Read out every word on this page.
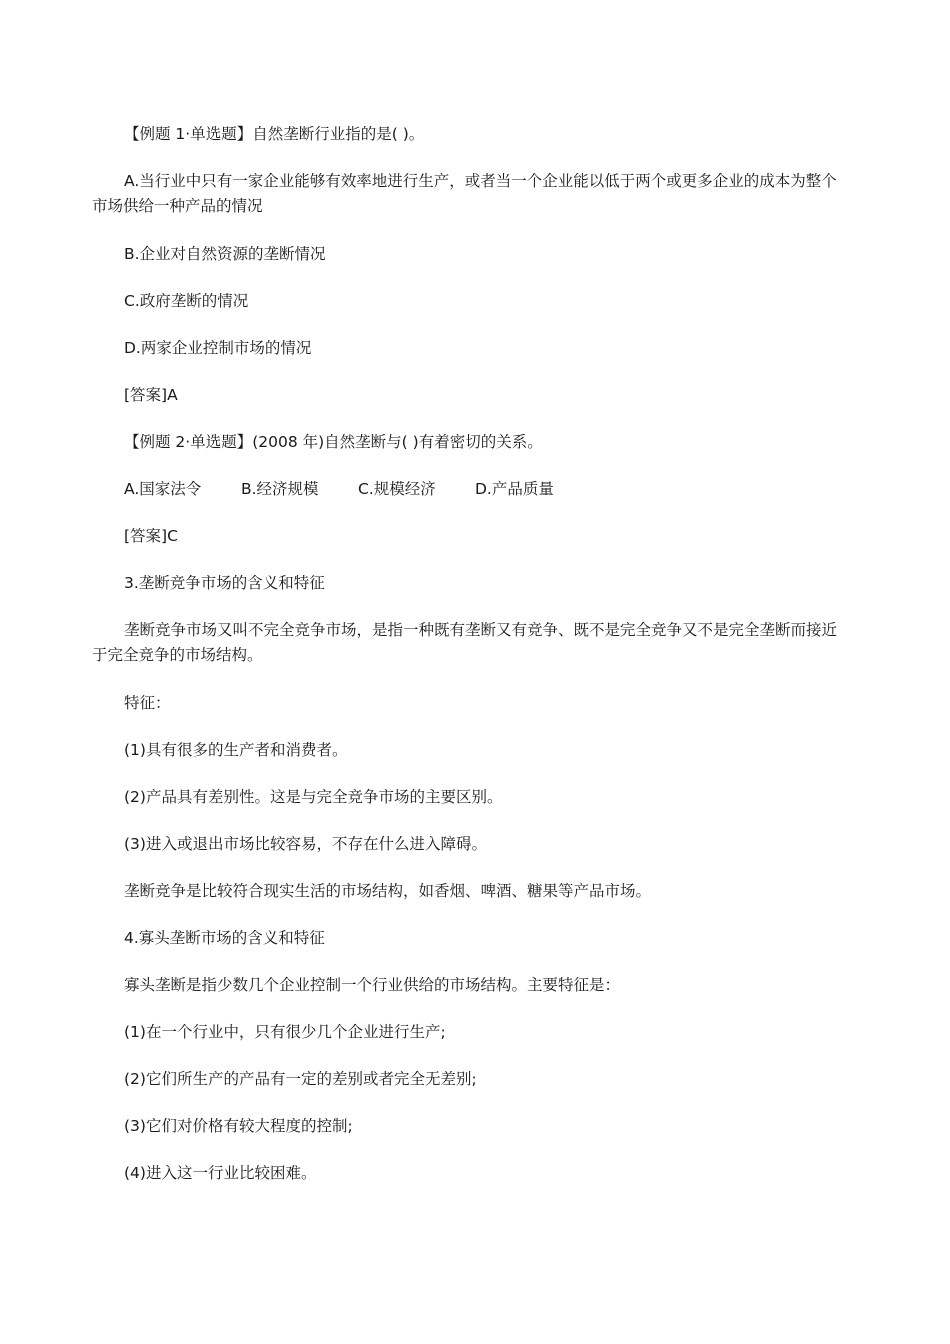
【例题 1·单选题】自然垄断行业指的是( )。

A.当行业中只有一家企业能够有效率地进行生产，或者当一个企业能以低于两个或更多企业的成本为整个市场供给一种产品的情况

B.企业对自然资源的垄断情况

C.政府垄断的情况

D.两家企业控制市场的情况

[答案]A

【例题 2·单选题】(2008 年)自然垄断与( )有着密切的关系。

A.国家法令	B.经济规模	C.规模经济	D.产品质量

[答案]C

3.垄断竞争市场的含义和特征

垄断竞争市场又叫不完全竞争市场，是指一种既有垄断又有竞争、既不是完全竞争又不是完全垄断而接近于完全竞争的市场结构。

特征：

(1)具有很多的生产者和消费者。

(2)产品具有差别性。这是与完全竞争市场的主要区别。

(3)进入或退出市场比较容易，不存在什么进入障碍。

垄断竞争是比较符合现实生活的市场结构，如香烟、啤酒、糖果等产品市场。

4.寡头垄断市场的含义和特征

寡头垄断是指少数几个企业控制一个行业供给的市场结构。主要特征是：

(1)在一个行业中，只有很少几个企业进行生产;

(2)它们所生产的产品有一定的差别或者完全无差别;

(3)它们对价格有较大程度的控制;

(4)进入这一行业比较困难。
